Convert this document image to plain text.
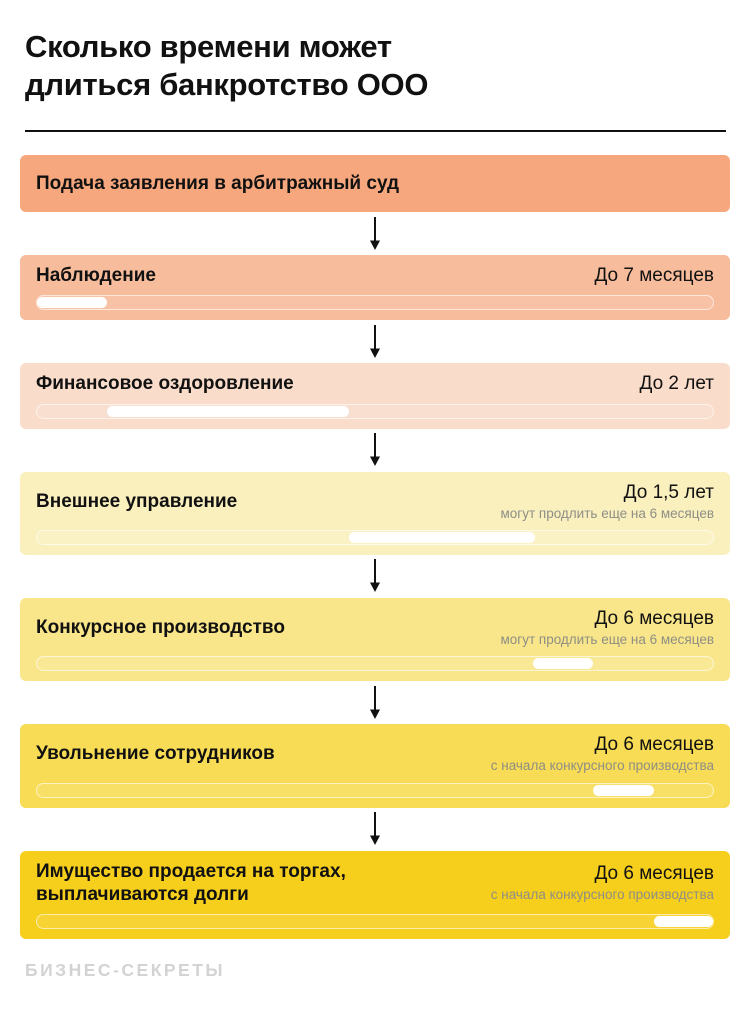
Сколько времени может
длиться банкротство ООО
Подача заявления в арбитражный суд
Наблюдение	До 7 месяцев
Финансовое оздоровление	До 2 лет
Внешнее управление	До 1,5 лет
могут продлить еще на 6 месяцев
Конкурсное производство	До 6 месяцев
могут продлить еще на 6 месяцев
Увольнение сотрудников	До 6 месяцев
с начала конкурсного производства
Имущество продается на торгах, выплачиваются долги
До 6 месяцев
с начала конкурсного производства
БИЗНЕС-СЕКРЕТЫ
